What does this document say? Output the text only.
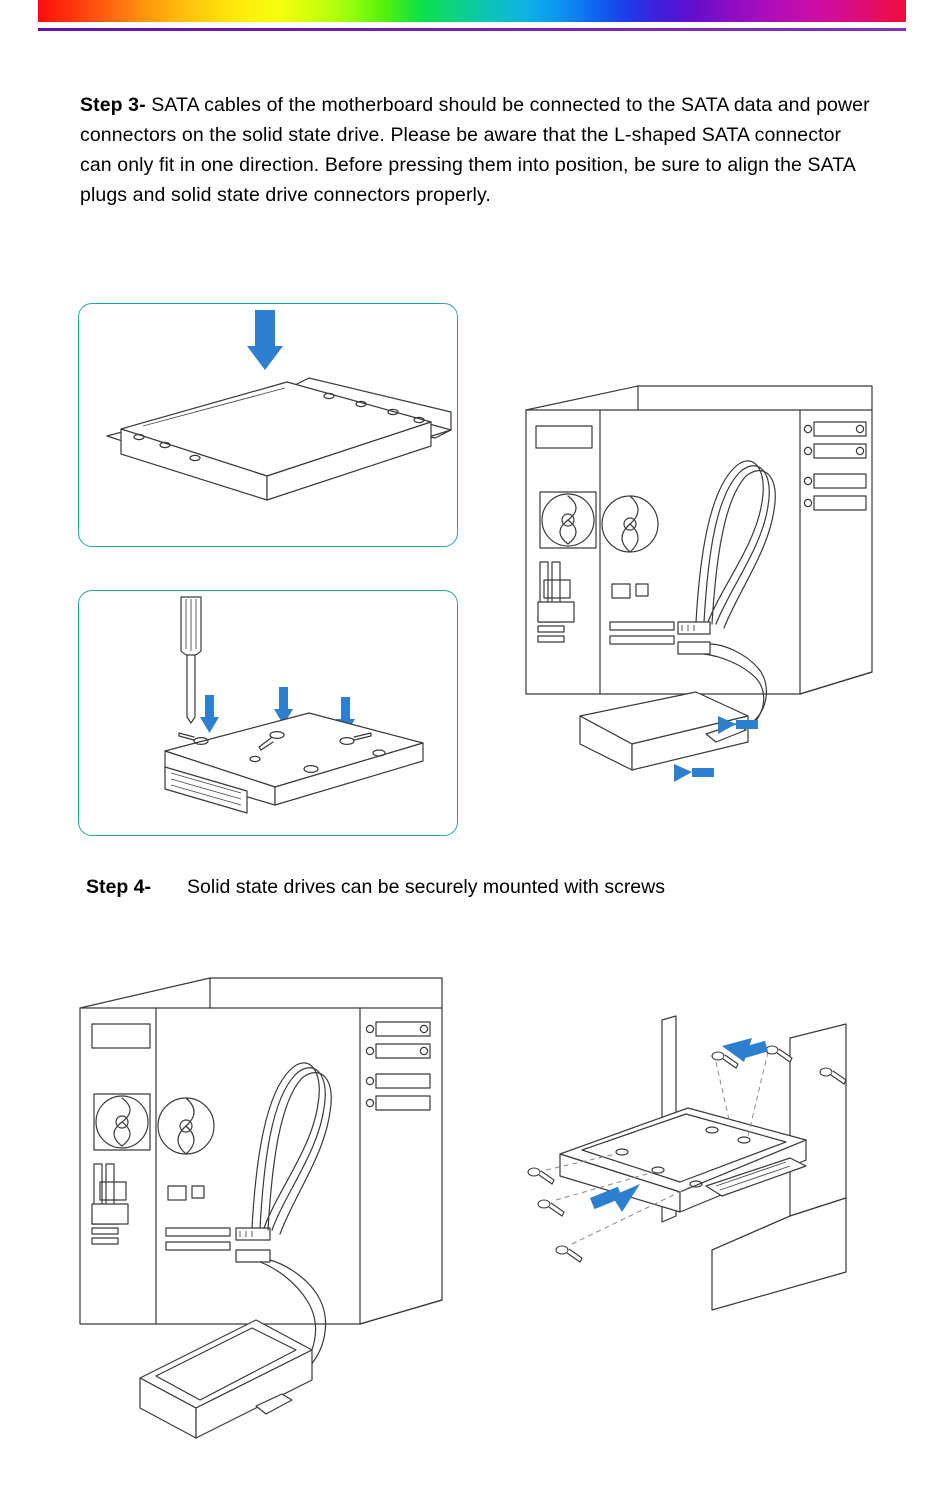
Step 3- SATA cables of the motherboard should be connected to the SATA data and power connectors on the solid state drive. Please be aware that the L-shaped SATA connector can only fit in one direction. Before pressing them into position, be sure to align the SATA plugs and solid state drive connectors properly.
Step 4- Solid state drives can be securely mounted with screws
